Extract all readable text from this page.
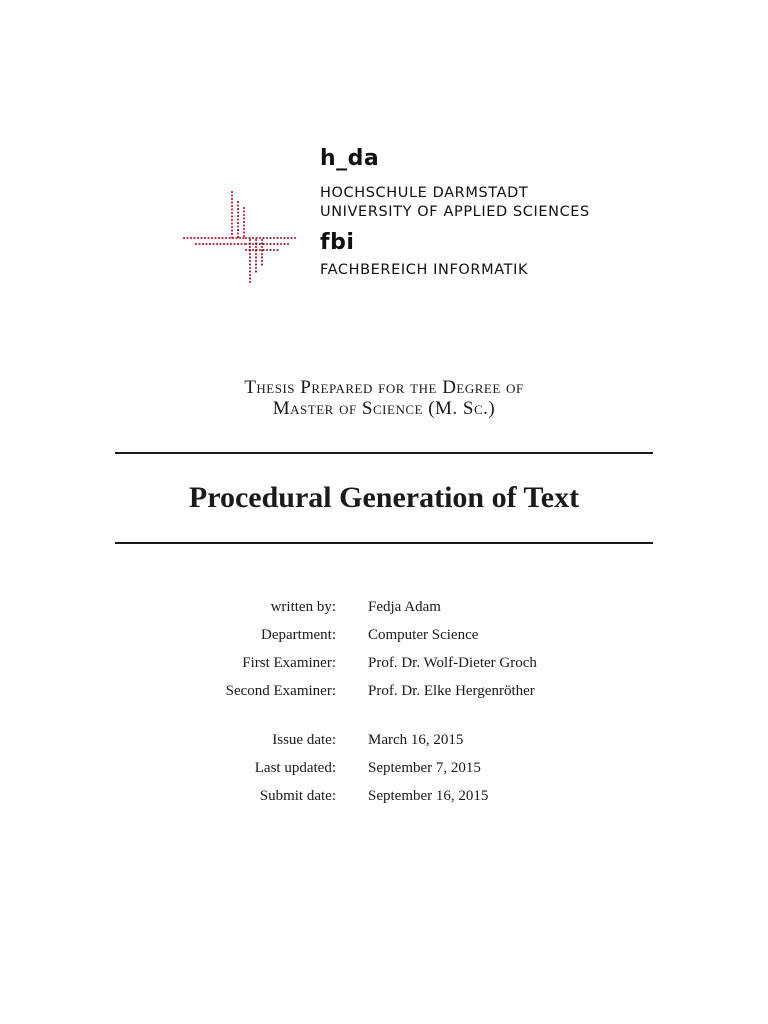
h_da
HOCHSCHULE DARMSTADT
UNIVERSITY OF APPLIED SCIENCES
fbi
FACHBEREICH INFORMATIK
Thesis Prepared for the Degree of
Master of Science (M. Sc.)
Procedural Generation of Text
written by: Fedja Adam
Department: Computer Science
First Examiner: Prof. Dr. Wolf-Dieter Groch
Second Examiner: Prof. Dr. Elke Hergenröther
Issue date: March 16, 2015
Last updated: September 7, 2015
Submit date: September 16, 2015
